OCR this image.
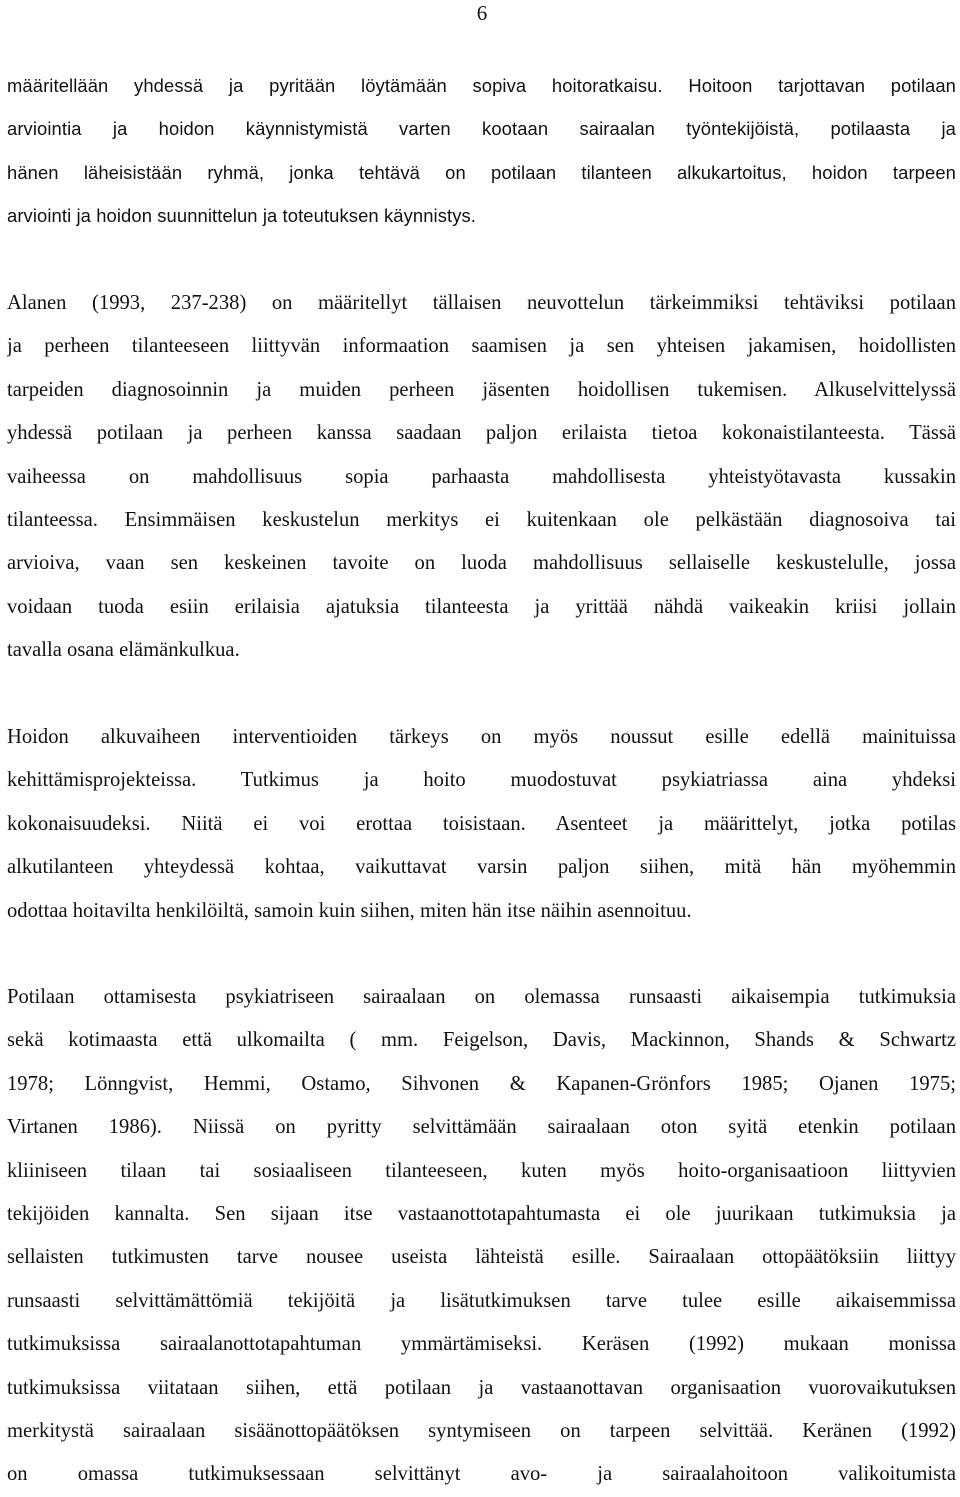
6
määritellään yhdessä ja pyritään löytämään sopiva hoitoratkaisu. Hoitoon tarjottavan potilaan
arviointia ja hoidon käynnistymistä varten kootaan sairaalan työntekijöistä, potilaasta ja
hänen läheisistään ryhmä, jonka tehtävä on potilaan tilanteen alkukartoitus, hoidon tarpeen
arviointi ja hoidon suunnittelun ja toteutuksen käynnistys.
Alanen (1993, 237-238) on määritellyt tällaisen neuvottelun tärkeimmiksi tehtäviksi potilaan
ja perheen tilanteeseen liittyvän informaation saamisen ja sen yhteisen jakamisen, hoidollisten
tarpeiden diagnosoinnin ja muiden perheen jäsenten hoidollisen tukemisen. Alkuselvittelyssä
yhdessä potilaan ja perheen kanssa saadaan paljon erilaista tietoa kokonaistilanteesta. Tässä
vaiheessa on mahdollisuus sopia parhaasta mahdollisesta yhteistyötavasta kussakin
tilanteessa. Ensimmäisen keskustelun merkitys ei kuitenkaan ole pelkästään diagnosoiva tai
arvioiva, vaan sen keskeinen tavoite on luoda mahdollisuus sellaiselle keskustelulle, jossa
voidaan tuoda esiin erilaisia ajatuksia tilanteesta ja yrittää nähdä vaikeakin kriisi jollain
tavalla osana elämänkulkua.
Hoidon alkuvaiheen interventioiden tärkeys on myös noussut esille edellä mainituissa
kehittämisprojekteissa. Tutkimus ja hoito muodostuvat psykiatriassa aina yhdeksi
kokonaisuudeksi. Niitä ei voi erottaa toisistaan. Asenteet ja määrittelyt, jotka potilas
alkutilanteen yhteydessä kohtaa, vaikuttavat varsin paljon siihen, mitä hän myöhemmin
odottaa hoitavilta henkilöiltä, samoin kuin siihen, miten hän itse näihin asennoituu.
Potilaan ottamisesta psykiatriseen sairaalaan on olemassa runsaasti aikaisempia tutkimuksia
sekä kotimaasta että ulkomailta ( mm. Feigelson, Davis, Mackinnon, Shands & Schwartz
1978; Lönngvist, Hemmi, Ostamo, Sihvonen & Kapanen-Grönfors 1985; Ojanen 1975;
Virtanen 1986). Niissä on pyritty selvittämään sairaalaan oton syitä etenkin potilaan
kliiniseen tilaan tai sosiaaliseen tilanteeseen, kuten myös hoito-organisaatioon liittyvien
tekijöiden kannalta. Sen sijaan itse vastaanottotapahtumasta ei ole juurikaan tutkimuksia ja
sellaisten tutkimusten tarve nousee useista lähteistä esille. Sairaalaan ottopäätöksiin liittyy
runsaasti selvittämättömiä tekijöitä ja lisätutkimuksen tarve tulee esille aikaisemmissa
tutkimuksissa sairaalanottotapahtuman ymmärtämiseksi. Keräsen (1992) mukaan monissa
tutkimuksissa viitataan siihen, että potilaan ja vastaanottavan organisaation vuorovaikutuksen
merkitystä sairaalaan sisäänottopäätöksen syntymiseen on tarpeen selvittää. Keränen (1992)
on omassa tutkimuksessaan selvittänyt avo- ja sairaalahoitoon valikoitumista
